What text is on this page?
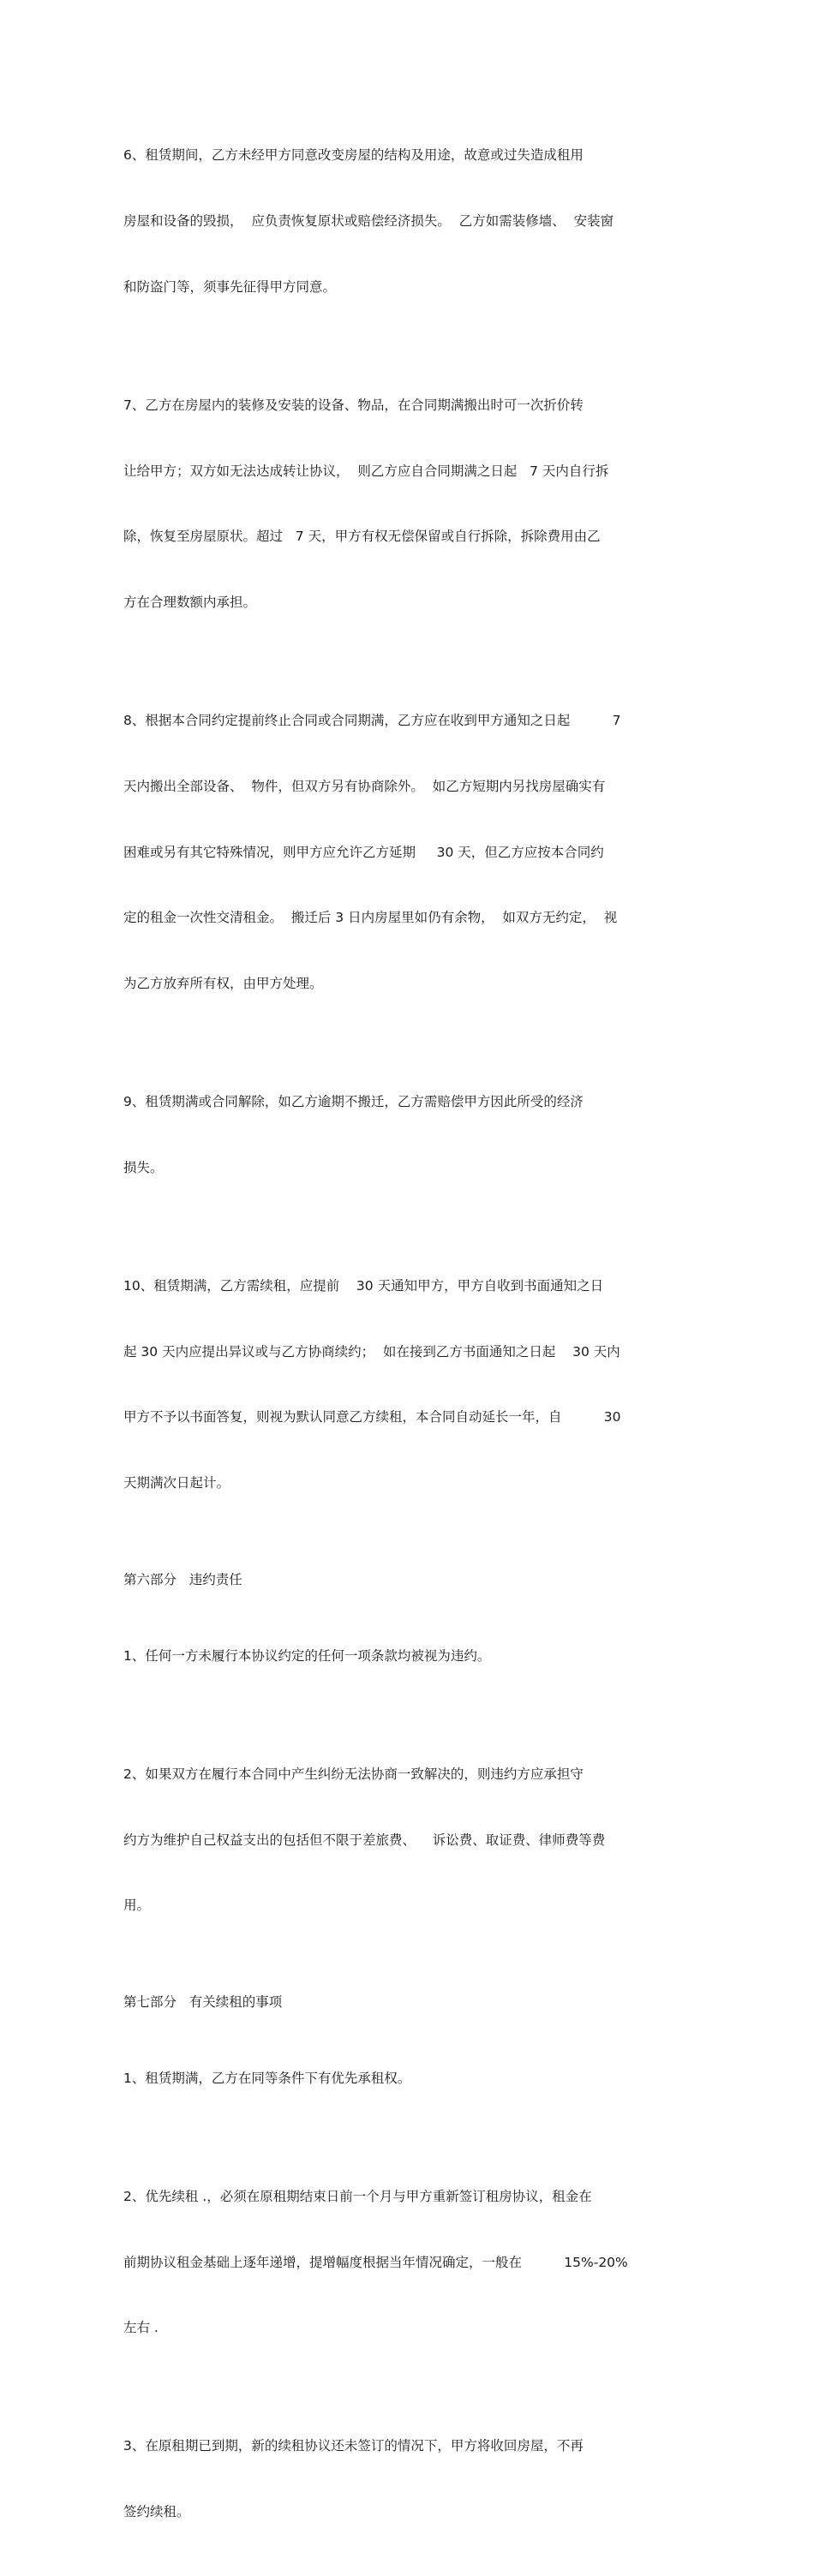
6、租赁期间，乙方未经甲方同意改变房屋的结构及用途，故意或过失造成租用

房屋和设备的毁损，  应负责恢复原状或赔偿经济损失。  乙方如需装修墙、  安装窗

和防盗门等，须事先征得甲方同意。

7、乙方在房屋内的装修及安装的设备、物品，在合同期满搬出时可一次折价转

让给甲方；双方如无法达成转让协议，  则乙方应自合同期满之日起   7 天内自行拆

除，恢复至房屋原状。超过   7 天，甲方有权无偿保留或自行拆除，拆除费用由乙

方在合理数额内承担。

8、根据本合同约定提前终止合同或合同期满，乙方应在收到甲方通知之日起          7

天内搬出全部设备、  物件，但双方另有协商除外。  如乙方短期内另找房屋确实有

困难或另有其它特殊情况，则甲方应允许乙方延期     30 天，但乙方应按本合同约

定的租金一次性交清租金。  搬迁后 3 日内房屋里如仍有余物，  如双方无约定，  视

为乙方放弃所有权，由甲方处理。

9、租赁期满或合同解除，如乙方逾期不搬迁，乙方需赔偿甲方因此所受的经济

损失。

10、租赁期满，乙方需续租，应提前    30 天通知甲方，甲方自收到书面通知之日

起 30 天内应提出异议或与乙方协商续约；  如在接到乙方书面通知之日起    30 天内

甲方不予以书面答复，则视为默认同意乙方续租，本合同自动延长一年，自          30

天期满次日起计。

第六部分   违约责任

1、任何一方未履行本协议约定的任何一项条款均被视为违约。

2、如果双方在履行本合同中产生纠纷无法协商一致解决的，则违约方应承担守

约方为维护自己权益支出的包括但不限于差旅费、    诉讼费、取证费、律师费等费

用。

第七部分   有关续租的事项

1、租赁期满，乙方在同等条件下有优先承租权。

2、优先续租 .，必须在原租期结束日前一个月与甲方重新签订租房协议，租金在

前期协议租金基础上逐年递增，提增幅度根据当年情况确定，一般在          15%-20%

左右 .

3、在原租期已到期，新的续租协议还未签订的情况下，甲方将收回房屋，不再

签约续租。
